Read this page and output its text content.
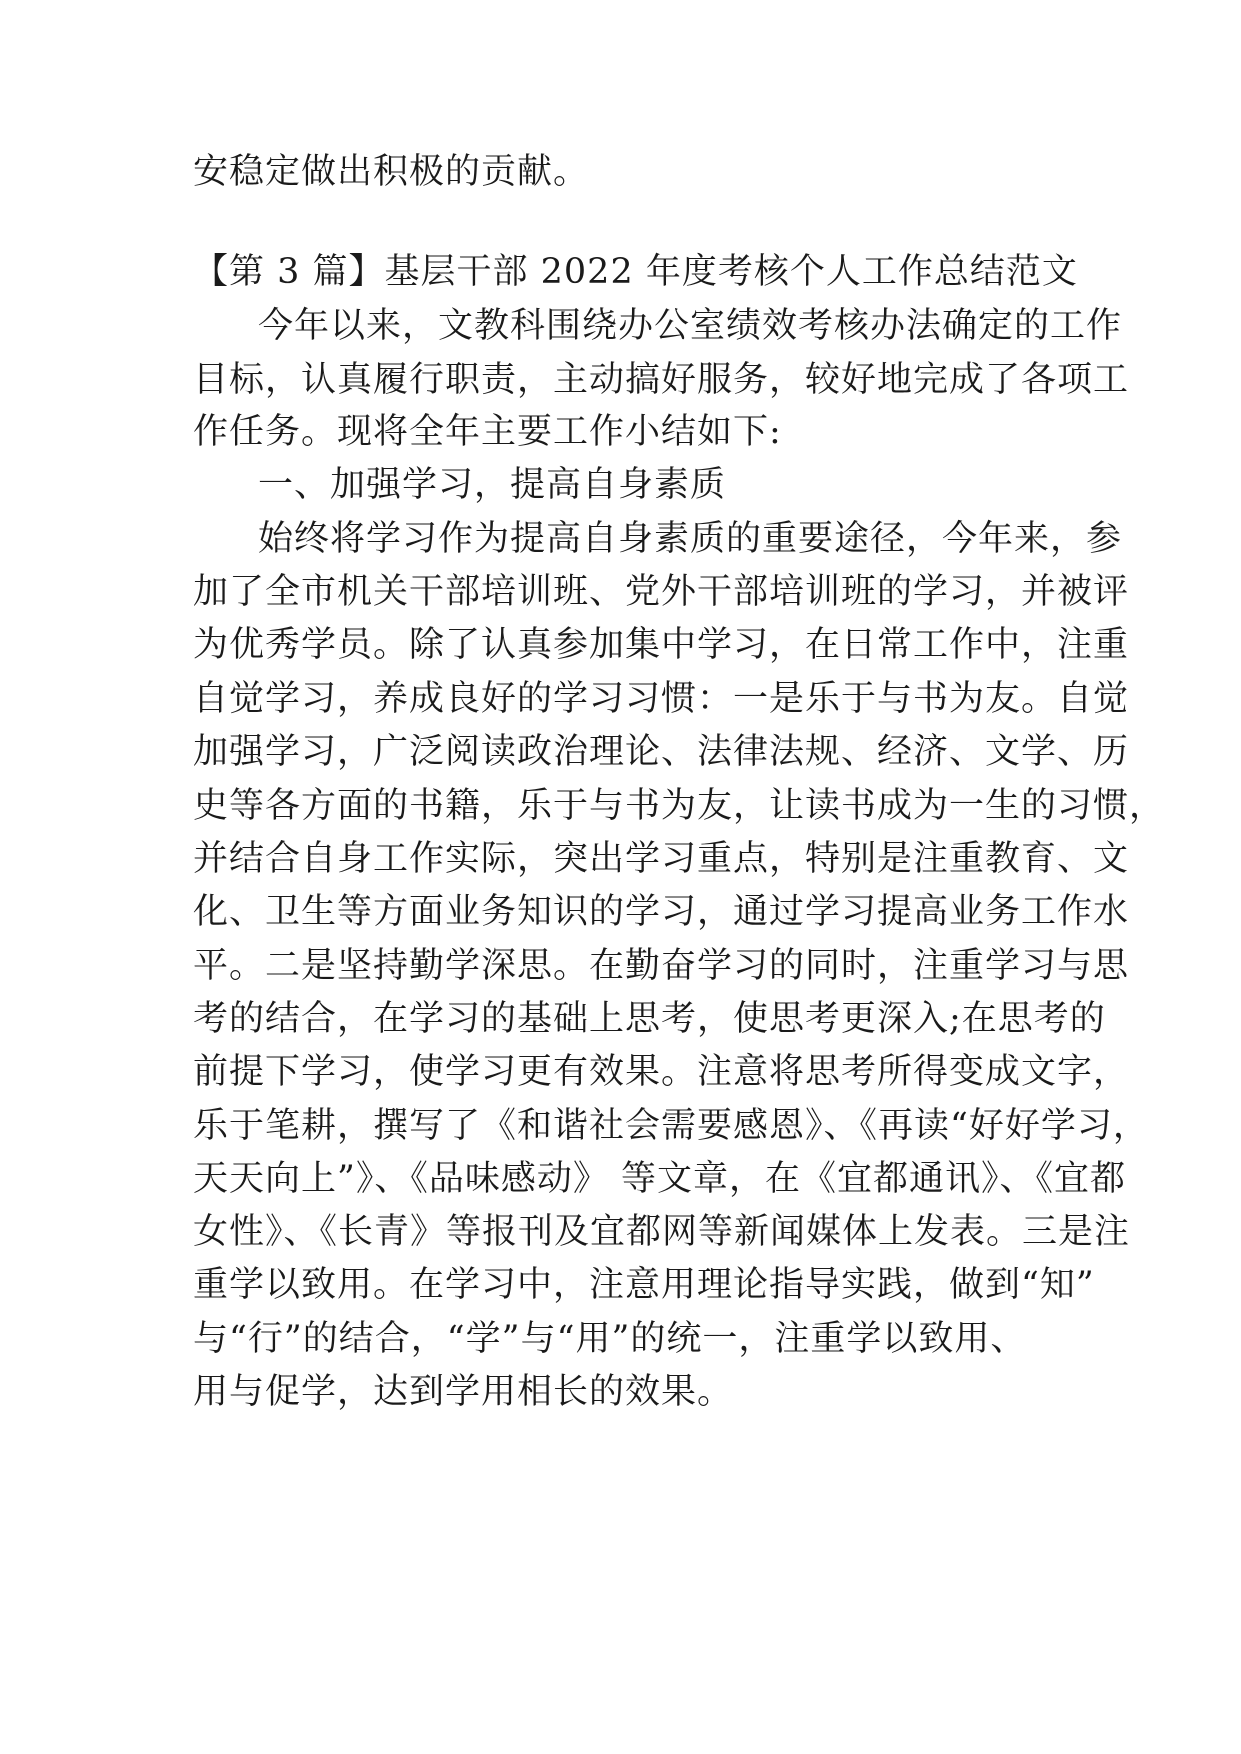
安稳定做出积极的贡献。
【第 3 篇】基层干部 2022 年度考核个人工作总结范文
今年以来，文教科围绕办公室绩效考核办法确定的工作
目标，认真履行职责，主动搞好服务，较好地完成了各项工
作任务。现将全年主要工作小结如下:
一、加强学习，提高自身素质
始终将学习作为提高自身素质的重要途径，今年来，参
加了全市机关干部培训班、党外干部培训班的学习，并被评
为优秀学员。除了认真参加集中学习，在日常工作中，注重
自觉学习，养成良好的学习习惯：一是乐于与书为友。自觉
加强学习，广泛阅读政治理论、法律法规、经济、文学、历
史等各方面的书籍，乐于与书为友，让读书成为一生的习惯，
并结合自身工作实际，突出学习重点，特别是注重教育、文
化、卫生等方面业务知识的学习，通过学习提高业务工作水
平。二是坚持勤学深思。在勤奋学习的同时，注重学习与思
考的结合，在学习的基础上思考，使思考更深入;在思考的
前提下学习，使学习更有效果。注意将思考所得变成文字，
乐于笔耕，撰写了《和谐社会需要感恩》、《再读“好好学习，
天天向上”》、《品味感动》 等文章，在《宜都通讯》、《宜都
女性》、《长青》等报刊及宜都网等新闻媒体上发表。三是注
重学以致用。在学习中，注意用理论指导实践，做到“知”
与“行”的结合，“学”与“用”的统一，注重学以致用、
用与促学，达到学用相长的效果。
